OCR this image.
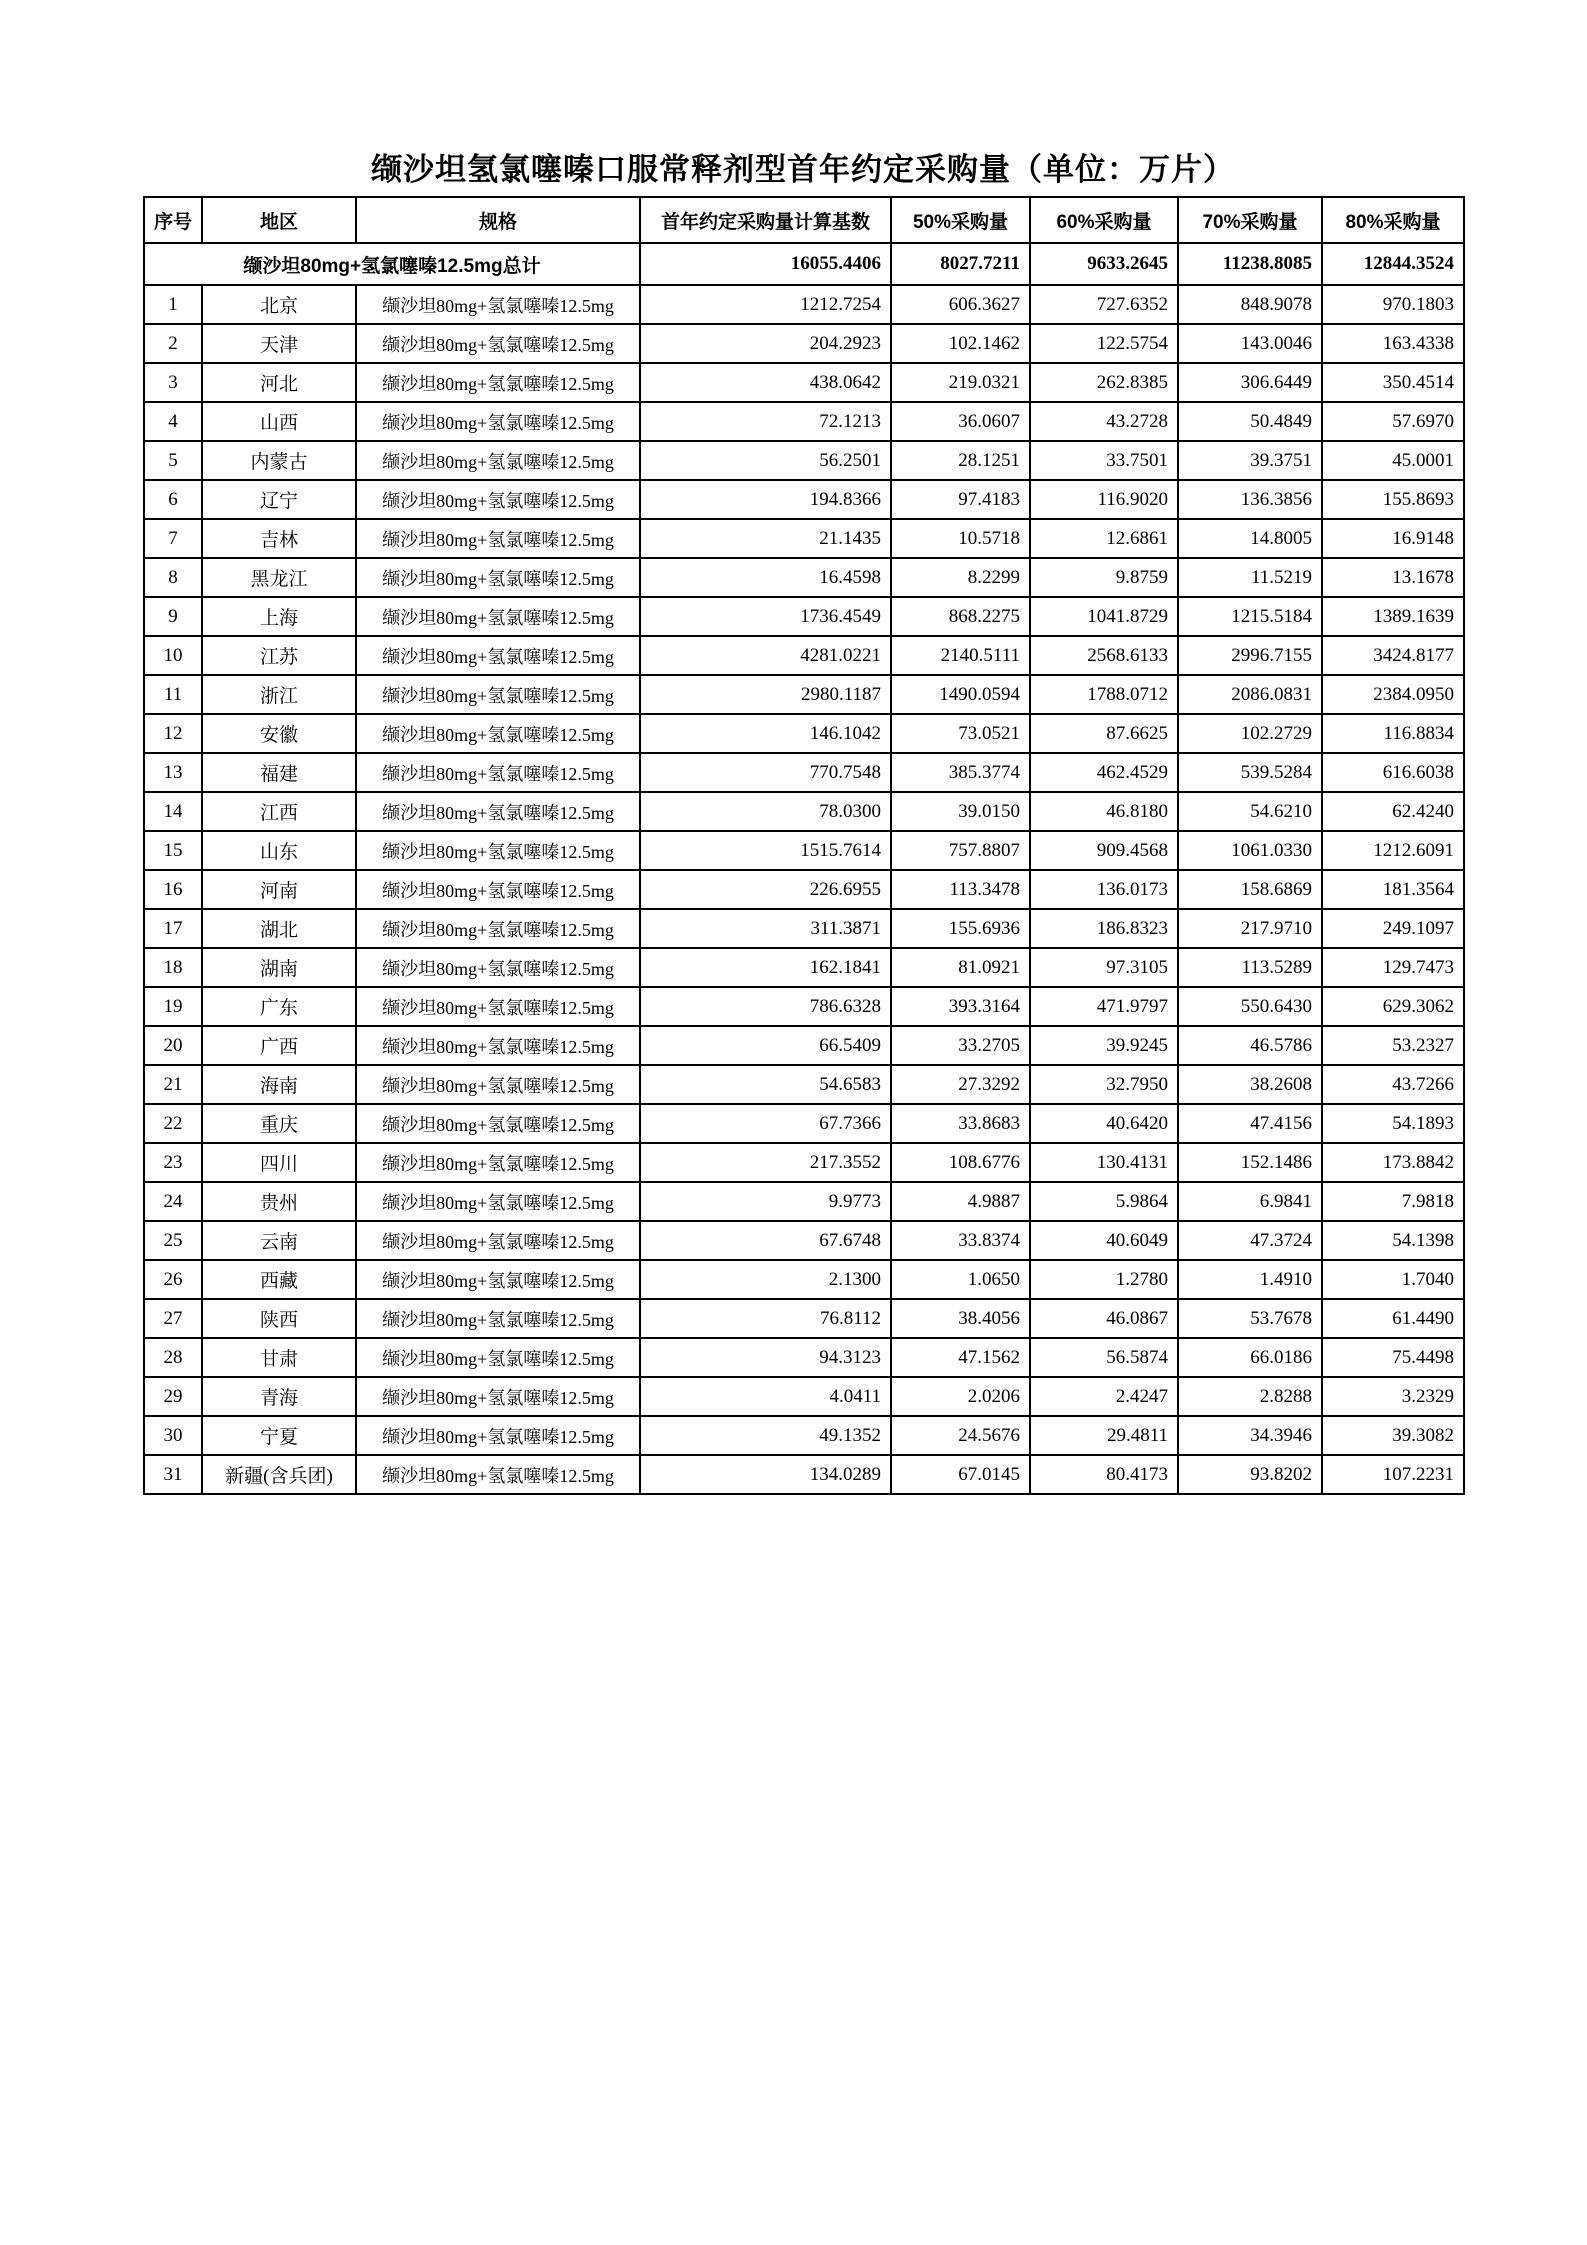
缬沙坦氢氯噻嗪口服常释剂型首年约定采购量（单位：万片）
序号	地区	规格	首年约定采购量计算基数	50%采购量	60%采购量	70%采购量	80%采购量
缬沙坦80mg+氢氯噻嗪12.5mg总计			16055.4406	8027.7211	9633.2645	11238.8085	12844.3524
1	北京	缬沙坦80mg+氢氯噻嗪12.5mg	1212.7254	606.3627	727.6352	848.9078	970.1803
2	天津	缬沙坦80mg+氢氯噻嗪12.5mg	204.2923	102.1462	122.5754	143.0046	163.4338
3	河北	缬沙坦80mg+氢氯噻嗪12.5mg	438.0642	219.0321	262.8385	306.6449	350.4514
4	山西	缬沙坦80mg+氢氯噻嗪12.5mg	72.1213	36.0607	43.2728	50.4849	57.6970
5	内蒙古	缬沙坦80mg+氢氯噻嗪12.5mg	56.2501	28.1251	33.7501	39.3751	45.0001
6	辽宁	缬沙坦80mg+氢氯噻嗪12.5mg	194.8366	97.4183	116.9020	136.3856	155.8693
7	吉林	缬沙坦80mg+氢氯噻嗪12.5mg	21.1435	10.5718	12.6861	14.8005	16.9148
8	黑龙江	缬沙坦80mg+氢氯噻嗪12.5mg	16.4598	8.2299	9.8759	11.5219	13.1678
9	上海	缬沙坦80mg+氢氯噻嗪12.5mg	1736.4549	868.2275	1041.8729	1215.5184	1389.1639
10	江苏	缬沙坦80mg+氢氯噻嗪12.5mg	4281.0221	2140.5111	2568.6133	2996.7155	3424.8177
11	浙江	缬沙坦80mg+氢氯噻嗪12.5mg	2980.1187	1490.0594	1788.0712	2086.0831	2384.0950
12	安徽	缬沙坦80mg+氢氯噻嗪12.5mg	146.1042	73.0521	87.6625	102.2729	116.8834
13	福建	缬沙坦80mg+氢氯噻嗪12.5mg	770.7548	385.3774	462.4529	539.5284	616.6038
14	江西	缬沙坦80mg+氢氯噻嗪12.5mg	78.0300	39.0150	46.8180	54.6210	62.4240
15	山东	缬沙坦80mg+氢氯噻嗪12.5mg	1515.7614	757.8807	909.4568	1061.0330	1212.6091
16	河南	缬沙坦80mg+氢氯噻嗪12.5mg	226.6955	113.3478	136.0173	158.6869	181.3564
17	湖北	缬沙坦80mg+氢氯噻嗪12.5mg	311.3871	155.6936	186.8323	217.9710	249.1097
18	湖南	缬沙坦80mg+氢氯噻嗪12.5mg	162.1841	81.0921	97.3105	113.5289	129.7473
19	广东	缬沙坦80mg+氢氯噻嗪12.5mg	786.6328	393.3164	471.9797	550.6430	629.3062
20	广西	缬沙坦80mg+氢氯噻嗪12.5mg	66.5409	33.2705	39.9245	46.5786	53.2327
21	海南	缬沙坦80mg+氢氯噻嗪12.5mg	54.6583	27.3292	32.7950	38.2608	43.7266
22	重庆	缬沙坦80mg+氢氯噻嗪12.5mg	67.7366	33.8683	40.6420	47.4156	54.1893
23	四川	缬沙坦80mg+氢氯噻嗪12.5mg	217.3552	108.6776	130.4131	152.1486	173.8842
24	贵州	缬沙坦80mg+氢氯噻嗪12.5mg	9.9773	4.9887	5.9864	6.9841	7.9818
25	云南	缬沙坦80mg+氢氯噻嗪12.5mg	67.6748	33.8374	40.6049	47.3724	54.1398
26	西藏	缬沙坦80mg+氢氯噻嗪12.5mg	2.1300	1.0650	1.2780	1.4910	1.7040
27	陕西	缬沙坦80mg+氢氯噻嗪12.5mg	76.8112	38.4056	46.0867	53.7678	61.4490
28	甘肃	缬沙坦80mg+氢氯噻嗪12.5mg	94.3123	47.1562	56.5874	66.0186	75.4498
29	青海	缬沙坦80mg+氢氯噻嗪12.5mg	4.0411	2.0206	2.4247	2.8288	3.2329
30	宁夏	缬沙坦80mg+氢氯噻嗪12.5mg	49.1352	24.5676	29.4811	34.3946	39.3082
31	新疆(含兵团)	缬沙坦80mg+氢氯噻嗪12.5mg	134.0289	67.0145	80.4173	93.8202	107.2231
